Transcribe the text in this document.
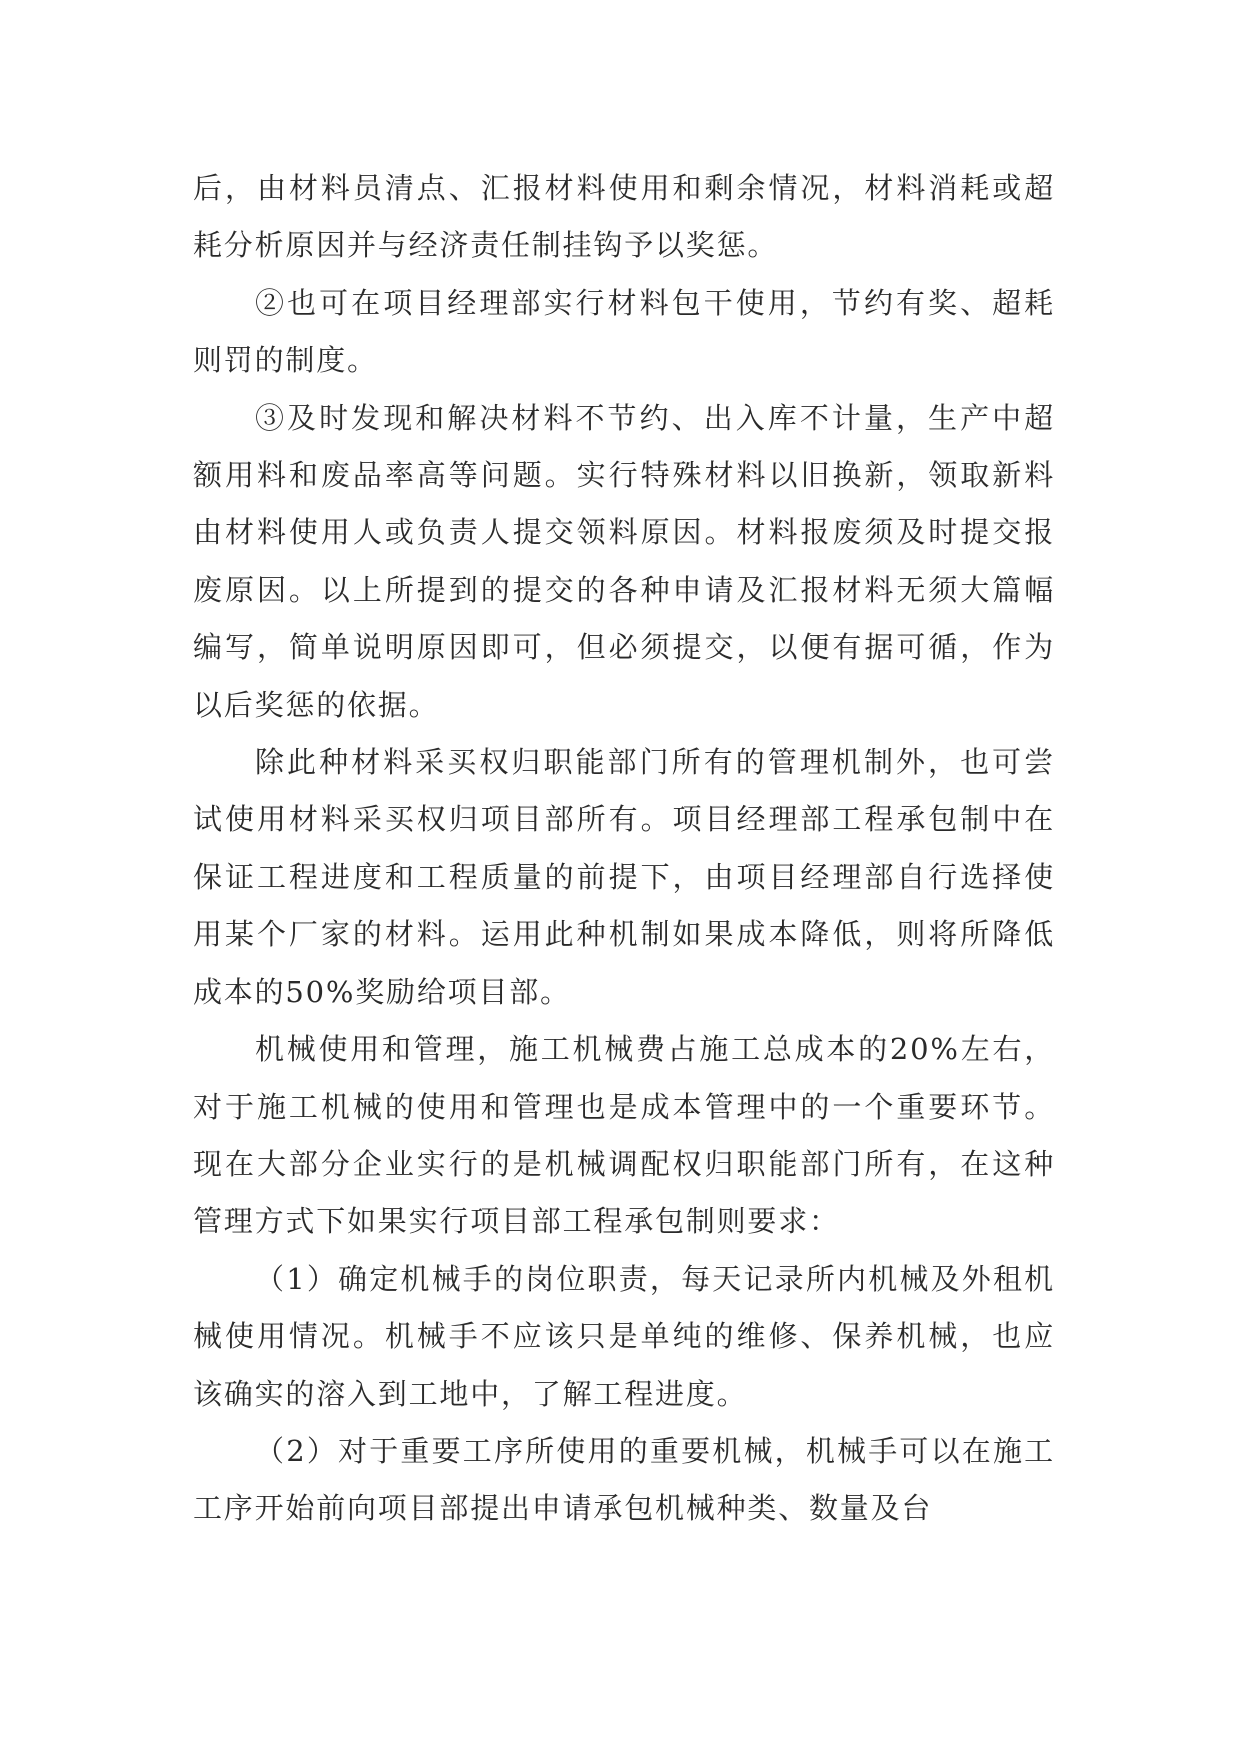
后，由材料员清点、汇报材料使用和剩余情况，材料消耗或超耗分析原因并与经济责任制挂钩予以奖惩。

②也可在项目经理部实行材料包干使用，节约有奖、超耗则罚的制度。

③及时发现和解决材料不节约、出入库不计量，生产中超额用料和废品率高等问题。实行特殊材料以旧换新，领取新料由材料使用人或负责人提交领料原因。材料报废须及时提交报废原因。以上所提到的提交的各种申请及汇报材料无须大篇幅编写，简单说明原因即可，但必须提交，以便有据可循，作为以后奖惩的依据。

除此种材料采买权归职能部门所有的管理机制外，也可尝试使用材料采买权归项目部所有。项目经理部工程承包制中在保证工程进度和工程质量的前提下，由项目经理部自行选择使用某个厂家的材料。运用此种机制如果成本降低，则将所降低成本的50%奖励给项目部。

机械使用和管理，施工机械费占施工总成本的20%左右，对于施工机械的使用和管理也是成本管理中的一个重要环节。现在大部分企业实行的是机械调配权归职能部门所有，在这种管理方式下如果实行项目部工程承包制则要求：

（1）确定机械手的岗位职责，每天记录所内机械及外租机械使用情况。机械手不应该只是单纯的维修、保养机械，也应该确实的溶入到工地中，了解工程进度。

（2）对于重要工序所使用的重要机械，机械手可以在施工工序开始前向项目部提出申请承包机械种类、数量及台
